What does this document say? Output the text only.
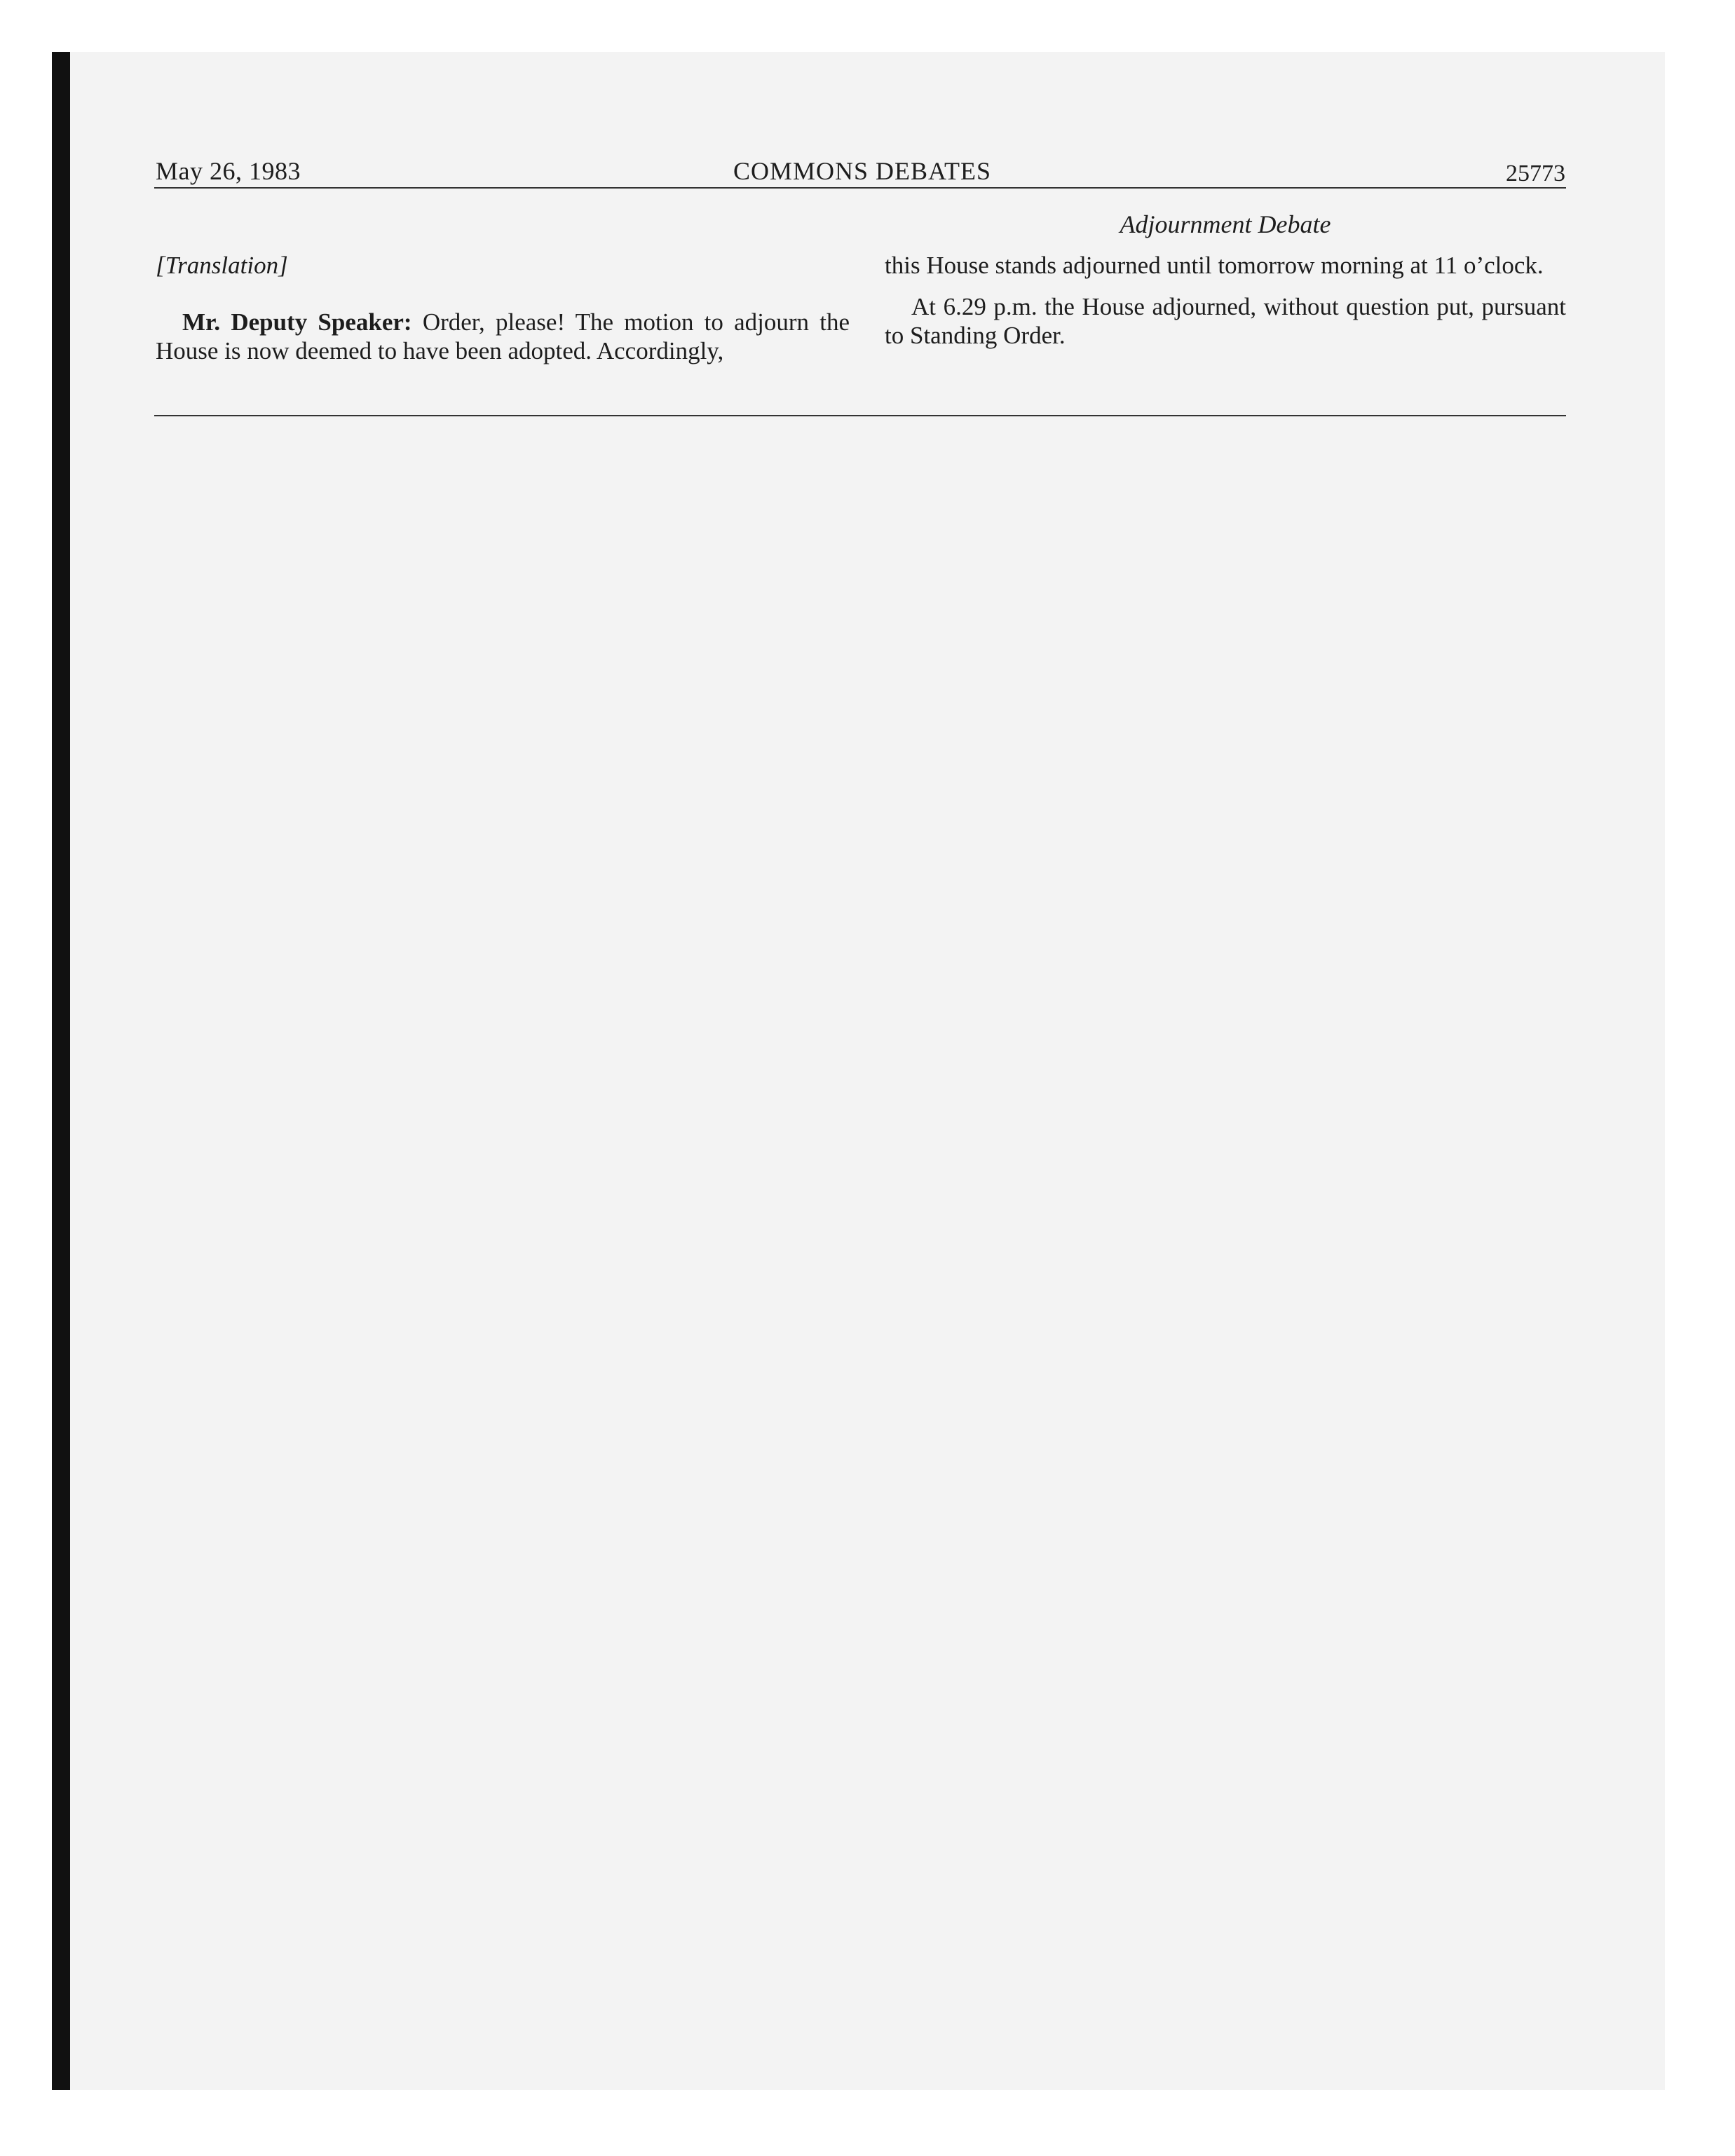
May 26, 1983	COMMONS DEBATES	25773
Adjournment Debate

[Translation]

Mr. Deputy Speaker: Order, please! The motion to adjourn the House is now deemed to have been adopted. Accordingly,

this House stands adjourned until tomorrow morning at 11 o’clock.

At 6.29 p.m. the House adjourned, without question put, pursuant to Standing Order.
